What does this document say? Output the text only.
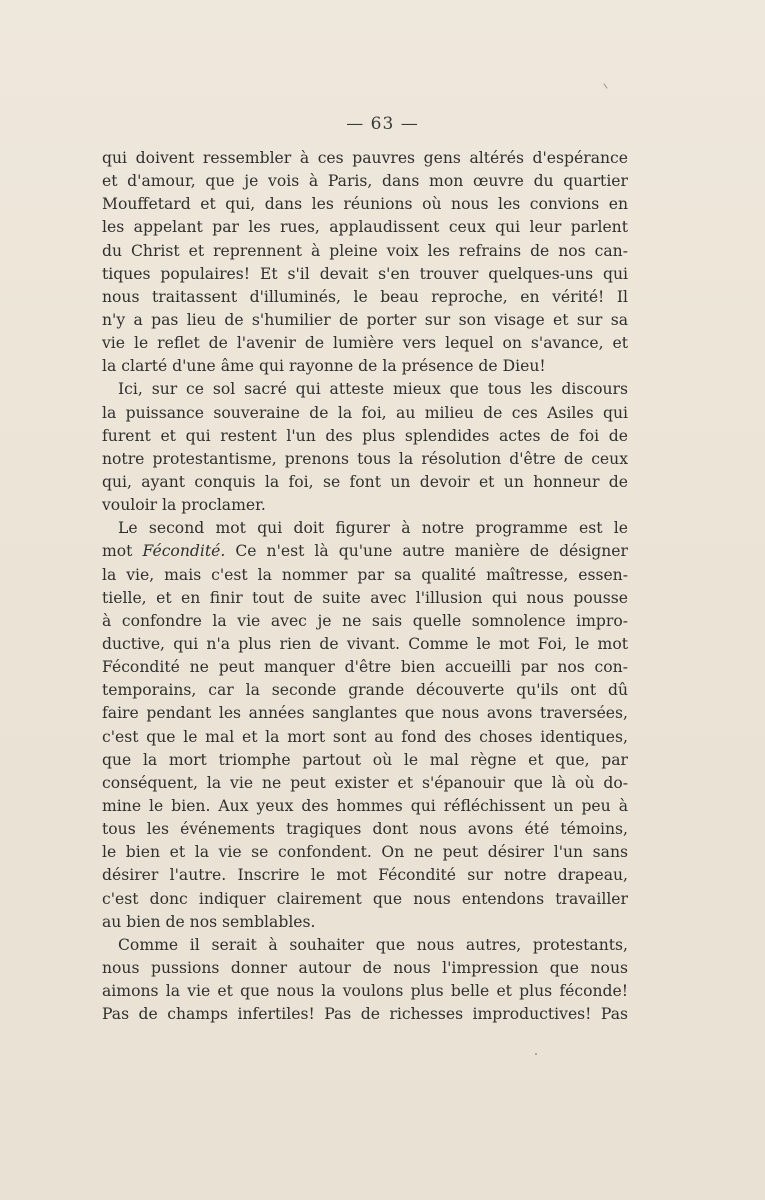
— 63 —
qui doivent ressembler à ces pauvres gens altérés d'espérance
et d'amour, que je vois à Paris, dans mon œuvre du quartier
Mouffetard et qui, dans les réunions où nous les convions en
les appelant par les rues, applaudissent ceux qui leur parlent
du Christ et reprennent à pleine voix les refrains de nos can-
tiques populaires! Et s'il devait s'en trouver quelques-uns qui
nous traitassent d'illuminés, le beau reproche, en vérité! Il
n'y a pas lieu de s'humilier de porter sur son visage et sur sa
vie le reflet de l'avenir de lumière vers lequel on s'avance, et
la clarté d'une âme qui rayonne de la présence de Dieu!
Ici, sur ce sol sacré qui atteste mieux que tous les discours
la puissance souveraine de la foi, au milieu de ces Asiles qui
furent et qui restent l'un des plus splendides actes de foi de
notre protestantisme, prenons tous la résolution d'être de ceux
qui, ayant conquis la foi, se font un devoir et un honneur de
vouloir la proclamer.
Le second mot qui doit figurer à notre programme est le
mot Fécondité. Ce n'est là qu'une autre manière de désigner
la vie, mais c'est la nommer par sa qualité maîtresse, essen-
tielle, et en finir tout de suite avec l'illusion qui nous pousse
à confondre la vie avec je ne sais quelle somnolence impro-
ductive, qui n'a plus rien de vivant. Comme le mot Foi, le mot
Fécondité ne peut manquer d'être bien accueilli par nos con-
temporains, car la seconde grande découverte qu'ils ont dû
faire pendant les années sanglantes que nous avons traversées,
c'est que le mal et la mort sont au fond des choses identiques,
que la mort triomphe partout où le mal règne et que, par
conséquent, la vie ne peut exister et s'épanouir que là où do-
mine le bien. Aux yeux des hommes qui réfléchissent un peu à
tous les événements tragiques dont nous avons été témoins,
le bien et la vie se confondent. On ne peut désirer l'un sans
désirer l'autre. Inscrire le mot Fécondité sur notre drapeau,
c'est donc indiquer clairement que nous entendons travailler
au bien de nos semblables.
Comme il serait à souhaiter que nous autres, protestants,
nous pussions donner autour de nous l'impression que nous
aimons la vie et que nous la voulons plus belle et plus féconde!
Pas de champs infertiles! Pas de richesses improductives! Pas
